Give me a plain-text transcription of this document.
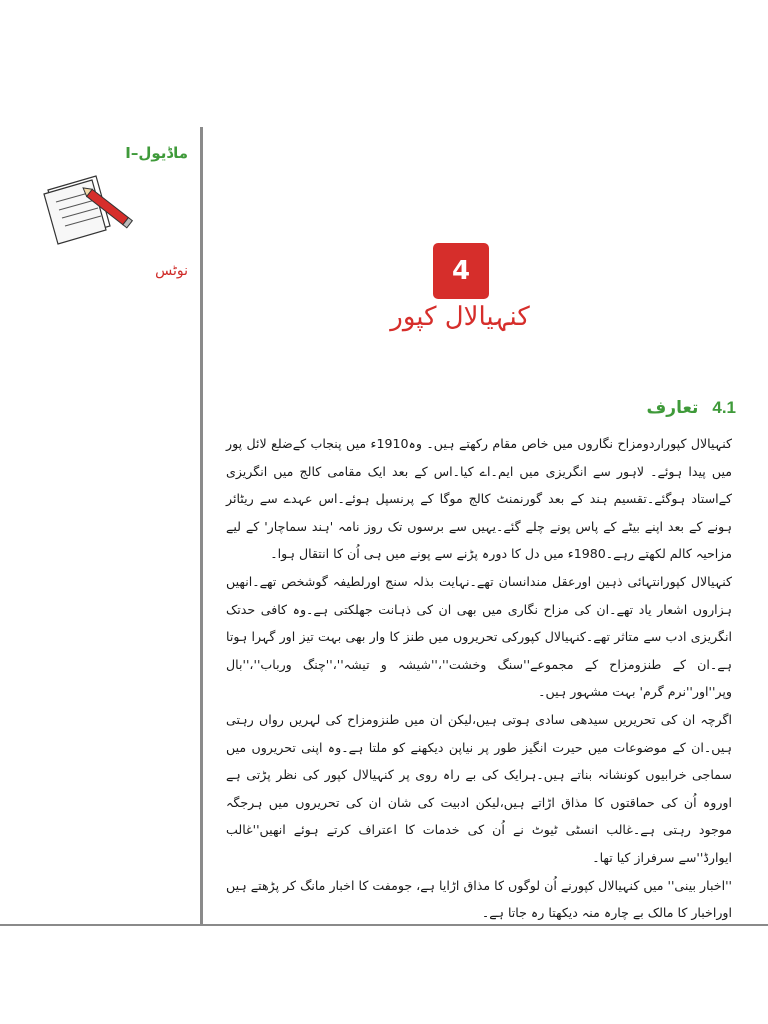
ماڈیول–I
نوٹس	4
کنہیالال کپور
4.1 تعارف

کنہیالال کپوراردومزاح نگاروں میں خاص مقام رکھتے ہیں۔ وہ1910ء میں پنجاب کےضلع لائل پور میں پیدا ہوئے۔ لاہور سے انگریزی میں ایم۔اے کیا۔اس کے بعد ایک مقامی کالج میں انگریزی کےاستاد ہوگئے۔تقسیم ہند کے بعد گورنمنٹ کالج موگا کے پرنسپل ہوئے۔اس عہدے سے ریٹائر ہونے کے بعد اپنے بیٹے کے پاس پونے چلے گئے۔یہیں سے برسوں تک روز نامہ 'ہند سماچار' کے لیے مزاحیہ کالم لکھتے رہے۔1980ء میں دل کا دورہ پڑنے سے پونے میں ہی اُن کا انتقال ہوا۔

کنہیالال کپورانتہائی ذہین اورعقل مندانسان تھے۔نہایت بذلہ سنج اورلطیفہ گوشخص تھے۔انھیں ہزاروں اشعار یاد تھے۔ان کی مزاح نگاری میں بھی ان کی ذہانت جھلکتی ہے۔وہ کافی حدتک انگریزی ادب سے متاثر تھے۔کنہیالال کپورکی تحریروں میں طنز کا وار بھی بہت تیز اور گہرا ہوتا ہے۔ان کے طنزومزاح کے مجموعے''سنگ وخشت''،''شیشہ و تیشہ''،''چنگ ورباب''،''بال وپر''اور''نرم گرم' بہت مشہور ہیں۔

اگرچہ ان کی تحریریں سیدھی سادی ہوتی ہیں،لیکن ان میں طنزومزاح کی لہریں رواں رہتی ہیں۔ان کے موضوعات میں حیرت انگیز طور پر نیاپن دیکھنے کو ملتا ہے۔وہ اپنی تحریروں میں سماجی خرابیوں کونشانہ بناتے ہیں۔ہرایک کی بے راہ روی پر کنہیالال کپور کی نظر پڑتی ہے اوروہ اُن کی حماقتوں کا مذاق اڑاتے ہیں،لیکن ادبیت کی شان ان کی تحریروں میں ہرجگہ موجود رہتی ہے۔غالب انسٹی ٹیوٹ نے اُن کی خدمات کا اعتراف کرتے ہوئے انھیں''غالب ایوارڈ''سے سرفراز کیا تھا۔

''اخبار بینی'' میں کنہیالال کپورنے اُن لوگوں کا مذاق اڑایا ہے، جومفت کا اخبار مانگ کر پڑھتے ہیں اوراخبار کا مالک بے چارہ منہ دیکھتا رہ جاتا ہے۔
